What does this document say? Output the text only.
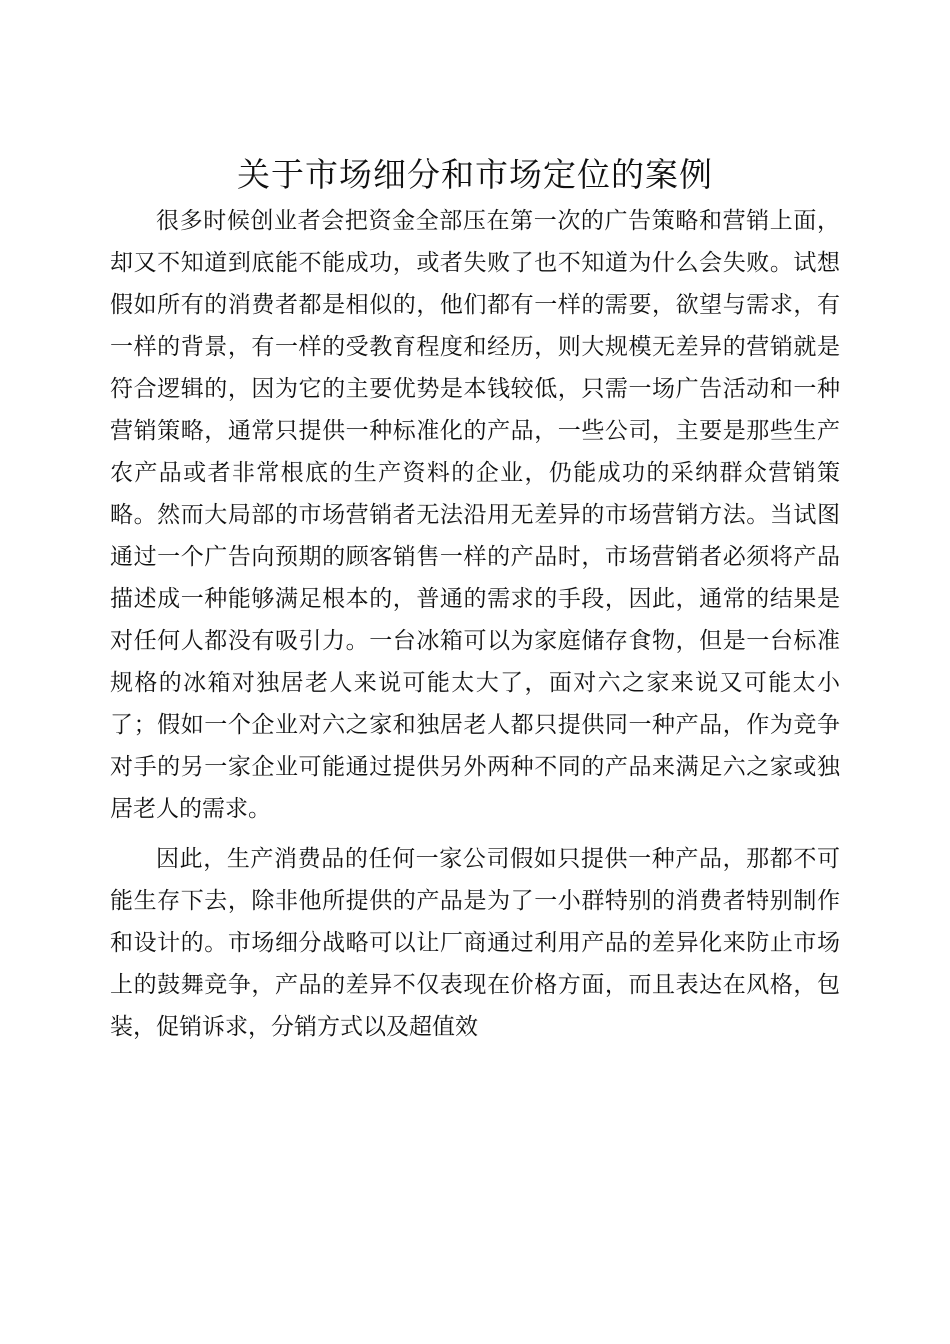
关于市场细分和市场定位的案例

很多时候创业者会把资金全部压在第一次的广告策略和营销上面，却又不知道到底能不能成功，或者失败了也不知道为什么会失败。试想假如所有的消费者都是相似的，他们都有一样的需要，欲望与需求，有一样的背景，有一样的受教育程度和经历，则大规模无差异的营销就是符合逻辑的，因为它的主要优势是本钱较低，只需一场广告活动和一种营销策略，通常只提供一种标准化的产品，一些公司，主要是那些生产农产品或者非常根底的生产资料的企业，仍能成功的采纳群众营销策略。然而大局部的市场营销者无法沿用无差异的市场营销方法。当试图通过一个广告向预期的顾客销售一样的产品时，市场营销者必须将产品描述成一种能够满足根本的，普通的需求的手段，因此，通常的结果是对任何人都没有吸引力。一台冰箱可以为家庭储存食物，但是一台标准规格的冰箱对独居老人来说可能太大了，面对六之家来说又可能太小了；假如一个企业对六之家和独居老人都只提供同一种产品，作为竞争对手的另一家企业可能通过提供另外两种不同的产品来满足六之家或独居老人的需求。

因此，生产消费品的任何一家公司假如只提供一种产品，那都不可能生存下去，除非他所提供的产品是为了一小群特别的消费者特别制作和设计的。市场细分战略可以让厂商通过利用产品的差异化来防止市场上的鼓舞竞争，产品的差异不仅表现在价格方面，而且表达在风格，包装，促销诉求，分销方式以及超值效
